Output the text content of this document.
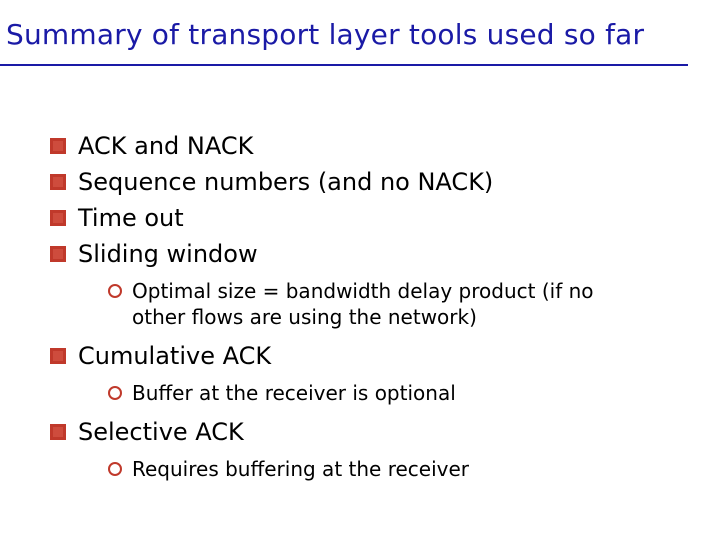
Summary of transport layer tools used so far
ACK and NACK
Sequence numbers (and no NACK)
Time out
Sliding window
Optimal size = bandwidth delay product (if no other flows are using the network)
Cumulative ACK
Buffer at the receiver is optional
Selective ACK
Requires buffering at the receiver
